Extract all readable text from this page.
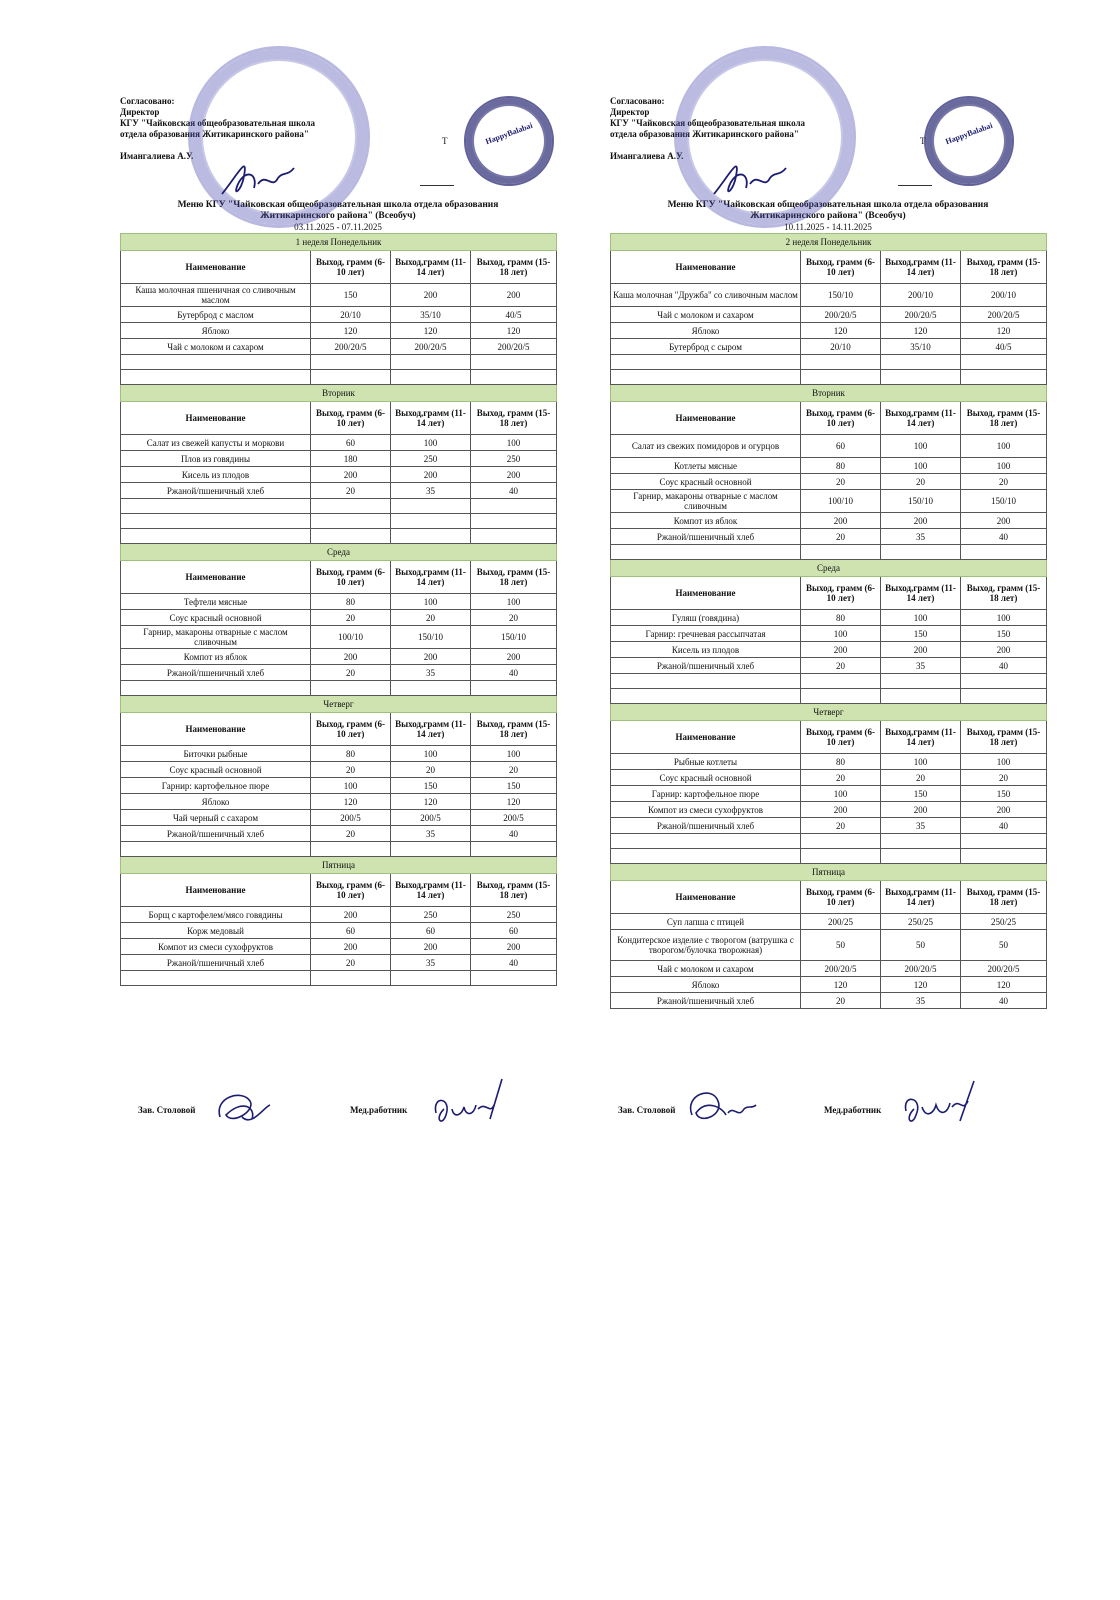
Согласовано:
Директор
КГУ "Чайковская общеобразовательная школа
отдела образования Житикаринского района"
Имангалиева А.У.
Т	HappyBalabai
Меню КГУ "Чайковская общеобразовательная школа отдела образования
Житикаринского района" (Всеобуч)
03.11.2025 - 07.11.2025
1 неделя Понедельник			
Наименование	Выход, грамм (6-10 лет)	Выход,грамм (11-14 лет)	Выход, грамм (15-18 лет)
Каша молочная пшеничная со сливочным маслом	150	200	200
Бутерброд с маслом	20/10	35/10	40/5
Яблоко	120	120	120
Чай с молоком и сахаром	200/20/5	200/20/5	200/20/5

Вторник			
Наименование	Выход, грамм (6-10 лет)	Выход,грамм (11-14 лет)	Выход, грамм (15-18 лет)
Салат из свежей капусты и моркови	60	100	100
Плов из говядины	180	250	250
Кисель из плодов	200	200	200
Ржаной/пшеничный хлеб	20	35	40

Среда			
Наименование	Выход, грамм (6-10 лет)	Выход,грамм (11-14 лет)	Выход, грамм (15-18 лет)
Тефтели мясные	80	100	100
Соус красный основной	20	20	20
Гарнир, макароны отварные с маслом сливочным	100/10	150/10	150/10
Компот из яблок	200	200	200
Ржаной/пшеничный хлеб	20	35	40

Четверг			
Наименование	Выход, грамм (6-10 лет)	Выход,грамм (11-14 лет)	Выход, грамм (15-18 лет)
Биточки рыбные	80	100	100
Соус красный основной	20	20	20
Гарнир: картофельное пюре	100	150	150
Яблоко	120	120	120
Чай черный с сахаром	200/5	200/5	200/5
Ржаной/пшеничный хлеб	20	35	40

Пятница			
Наименование	Выход, грамм (6-10 лет)	Выход,грамм (11-14 лет)	Выход, грамм (15-18 лет)
Борщ с картофелем/мясо говядины	200	250	250
Корж медовый	60	60	60
Компот из смеси сухофруктов	200	200	200
Ржаной/пшеничный хлеб	20	35	40

Согласовано:
Директор
КГУ "Чайковская общеобразовательная школа
отдела образования Житикаринского района"
Имангалиева А.У.
Т	HappyBalabai
Меню КГУ "Чайковская общеобразовательная школа отдела образования
Житикаринского района" (Всеобуч)
10.11.2025 - 14.11.2025
2 неделя Понедельник			
Наименование	Выход, грамм (6-10 лет)	Выход,грамм (11-14 лет)	Выход, грамм (15-18 лет)
Каша молочная "Дружба" со сливочным маслом	150/10	200/10	200/10
Чай с молоком и сахаром	200/20/5	200/20/5	200/20/5
Яблоко	120	120	120
Бутерброд с сыром	20/10	35/10	40/5

Вторник			
Наименование	Выход, грамм (6-10 лет)	Выход,грамм (11-14 лет)	Выход, грамм (15-18 лет)
Салат из свежих помидоров и огурцов	60	100	100
Котлеты мясные	80	100	100
Соус красный основной	20	20	20
Гарнир, макароны отварные с маслом сливочным	100/10	150/10	150/10
Компот из яблок	200	200	200
Ржаной/пшеничный хлеб	20	35	40

Среда			
Наименование	Выход, грамм (6-10 лет)	Выход,грамм (11-14 лет)	Выход, грамм (15-18 лет)
Гуляш (говядина)	80	100	100
Гарнир: гречневая рассыпчатая	100	150	150
Кисель из плодов	200	200	200
Ржаной/пшеничный хлеб	20	35	40

Четверг			
Наименование	Выход, грамм (6-10 лет)	Выход,грамм (11-14 лет)	Выход, грамм (15-18 лет)
Рыбные котлеты	80	100	100
Соус красный основной	20	20	20
Гарнир: картофельное пюре	100	150	150
Компот из смеси сухофруктов	200	200	200
Ржаной/пшеничный хлеб	20	35	40

Пятница			
Наименование	Выход, грамм (6-10 лет)	Выход,грамм (11-14 лет)	Выход, грамм (15-18 лет)
Суп лапша с птицей	200/25	250/25	250/25
Кондитерское изделие с творогом (ватрушка с творогом/булочка творожная)	50	50	50
Чай с молоком и сахаром	200/20/5	200/20/5	200/20/5
Яблоко	120	120	120
Ржаной/пшеничный хлеб	20	35	40
Зав. Столовой	Мед.работник	Зав. Столовой	Мед.работник
